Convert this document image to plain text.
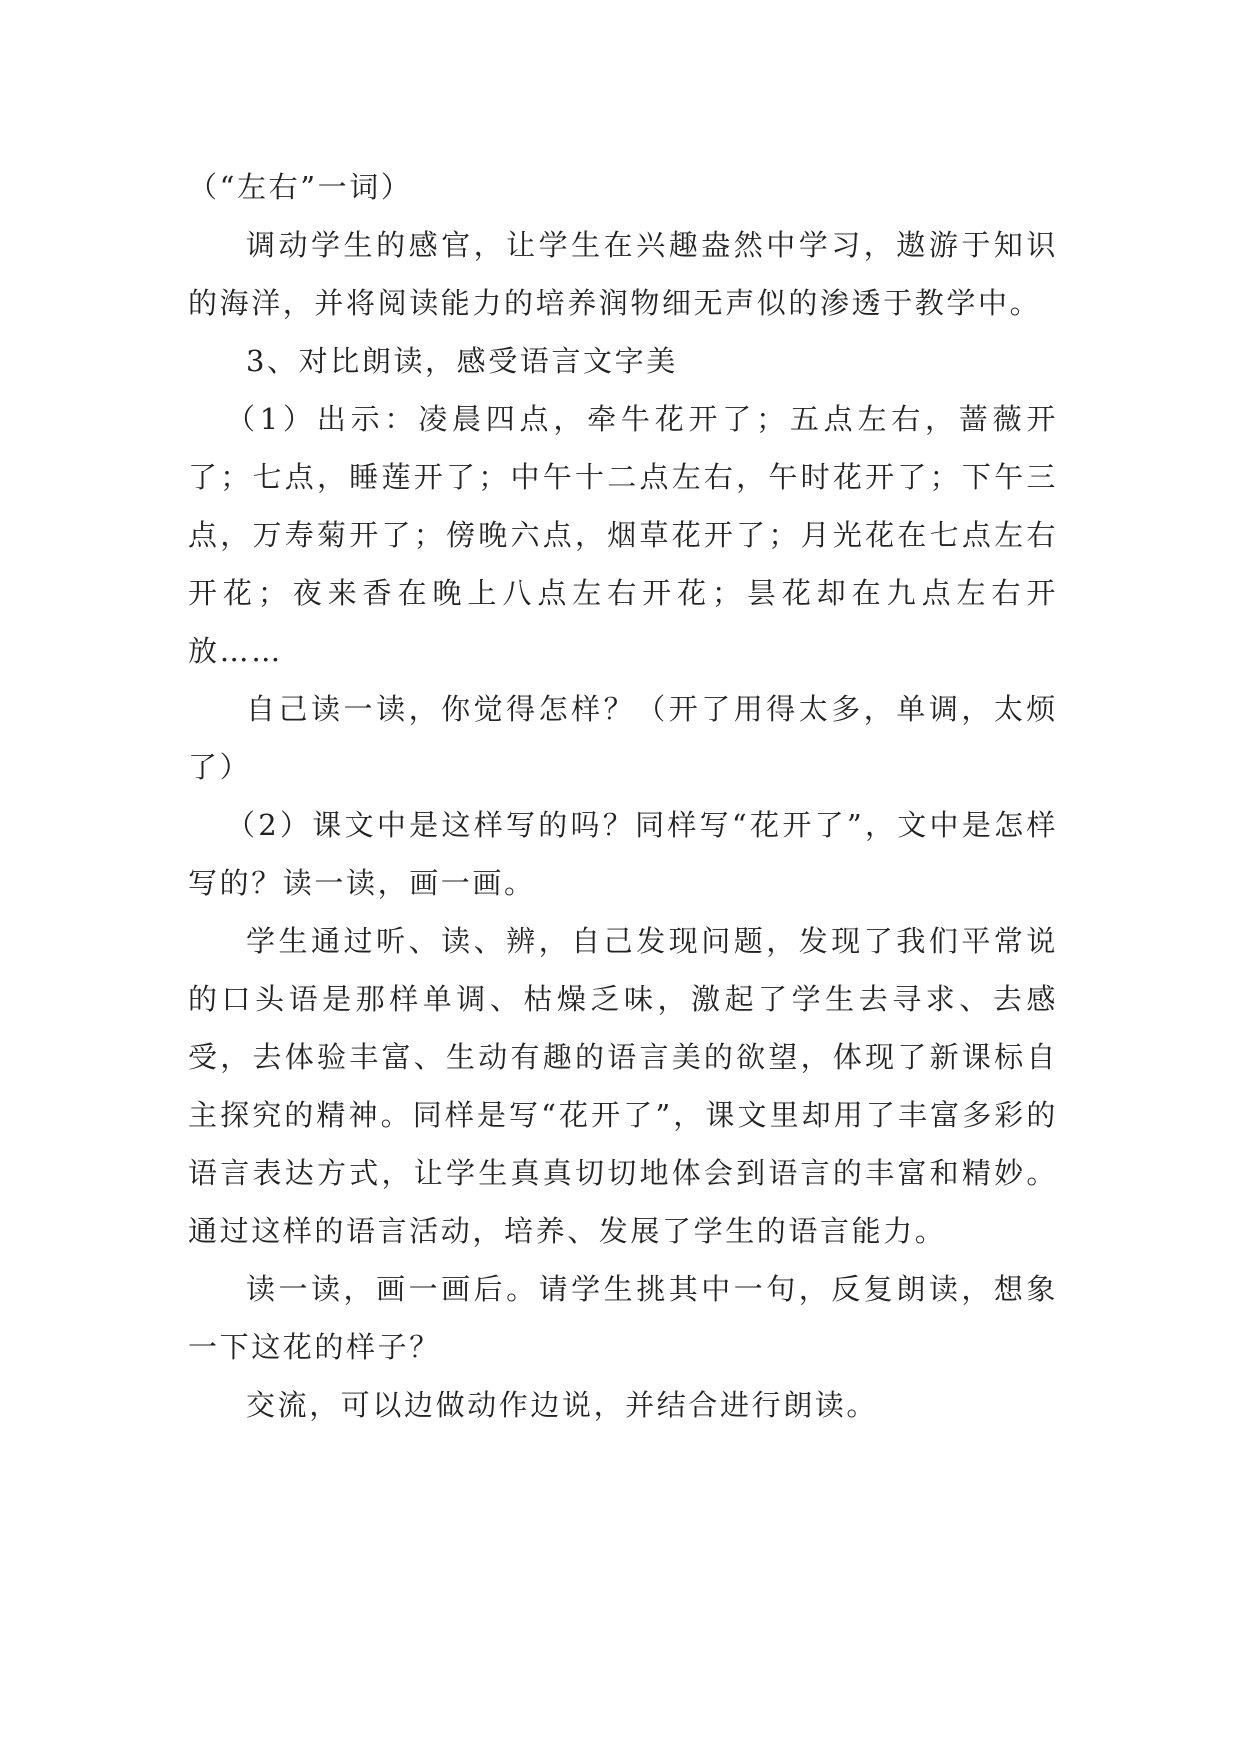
（“左右”一词）

调动学生的感官，让学生在兴趣盎然中学习，遨游于知识的海洋，并将阅读能力的培养润物细无声似的渗透于教学中。

3、对比朗读，感受语言文字美

（1）出示：凌晨四点，牵牛花开了；五点左右，蔷薇开了；七点，睡莲开了；中午十二点左右，午时花开了；下午三点，万寿菊开了；傍晚六点，烟草花开了；月光花在七点左右开花；夜来香在晚上八点左右开花；昙花却在九点左右开放……

自己读一读，你觉得怎样？（开了用得太多，单调，太烦了）

（2）课文中是这样写的吗？同样写“花开了”，文中是怎样写的？读一读，画一画。

学生通过听、读、辨，自己发现问题，发现了我们平常说的口头语是那样单调、枯燥乏味，激起了学生去寻求、去感受，去体验丰富、生动有趣的语言美的欲望，体现了新课标自主探究的精神。同样是写“花开了”，课文里却用了丰富多彩的语言表达方式，让学生真真切切地体会到语言的丰富和精妙。通过这样的语言活动，培养、发展了学生的语言能力。

读一读，画一画后。请学生挑其中一句，反复朗读，想象一下这花的样子？

交流，可以边做动作边说，并结合进行朗读。
